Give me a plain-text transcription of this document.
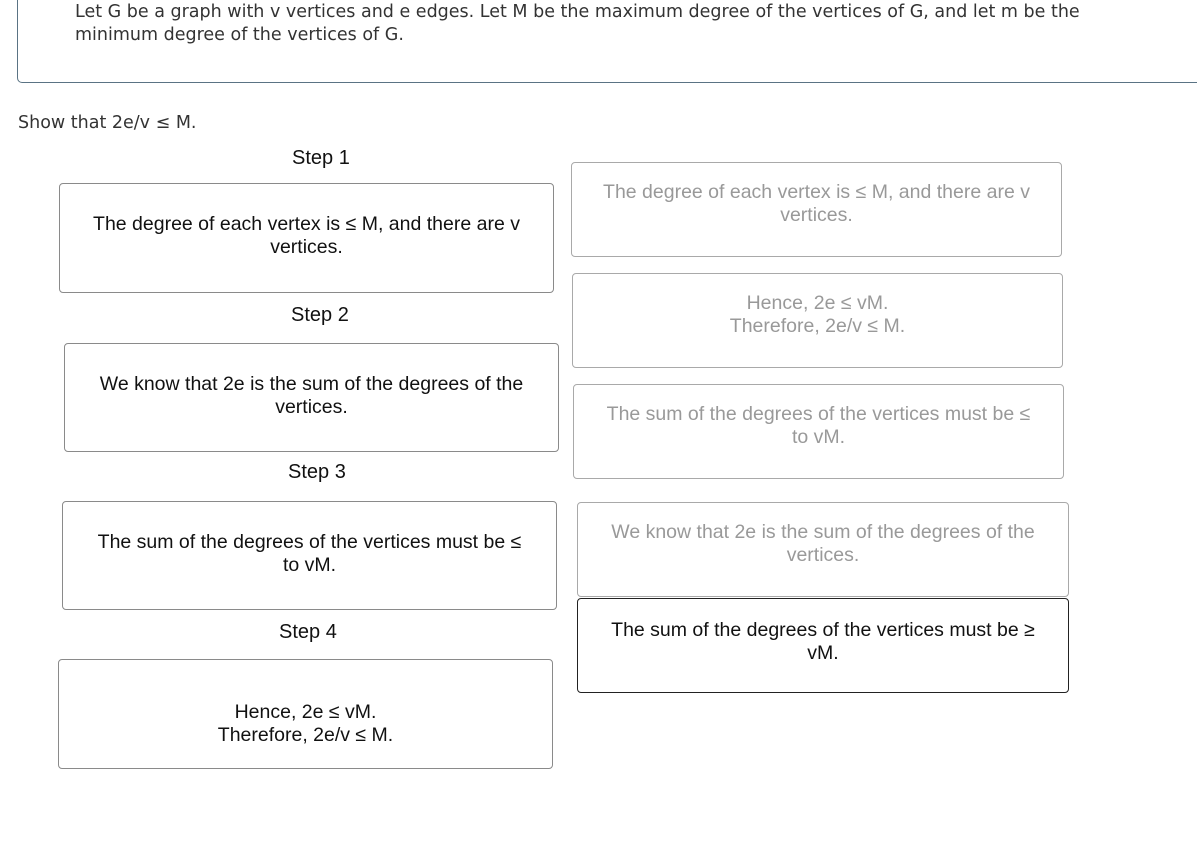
Let G be a graph with v vertices and e edges. Let M be the maximum degree of the vertices of G, and let m be the
minimum degree of the vertices of G.
Show that 2e/v ≤ M.
Step 1
The degree of each vertex is ≤ M, and there are v
vertices.
Step 2
We know that 2e is the sum of the degrees of the
vertices.
Step 3
The sum of the degrees of the vertices must be ≤
to vM.
Step 4
Hence, 2e ≤ vM.
Therefore, 2e/v ≤ M.
The degree of each vertex is ≤ M, and there are v
vertices.
Hence, 2e ≤ vM.
Therefore, 2e/v ≤ M.
The sum of the degrees of the vertices must be ≤
to vM.
We know that 2e is the sum of the degrees of the
vertices.
The sum of the degrees of the vertices must be ≥
vM.
